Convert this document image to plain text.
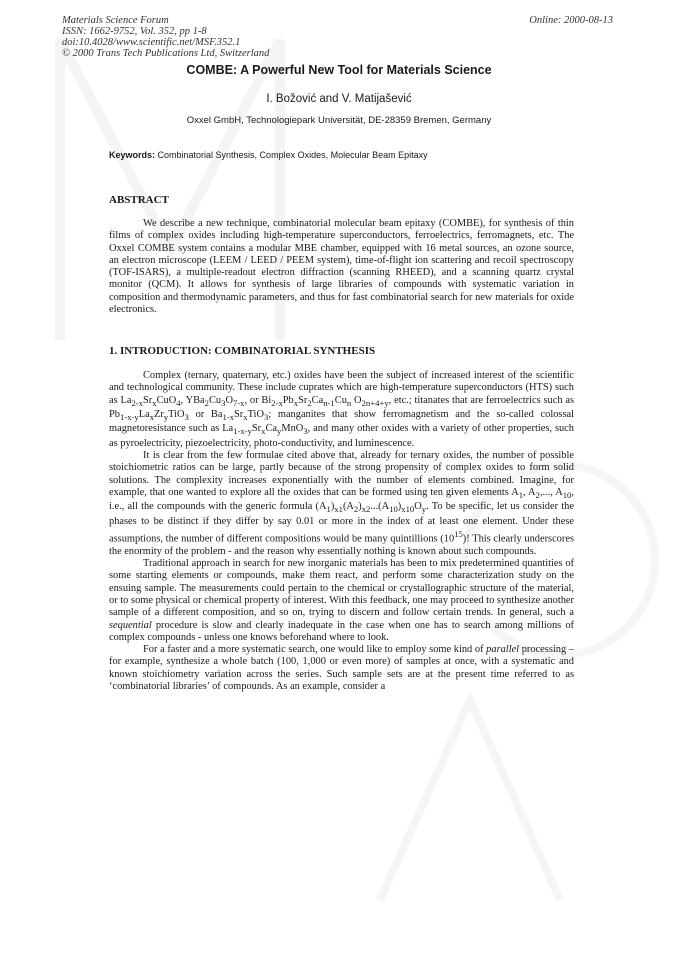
Materials Science Forum
ISSN: 1662-9752, Vol. 352, pp 1-8
doi:10.4028/www.scientific.net/MSF.352.1
© 2000 Trans Tech Publications Ltd, Switzerland
Online: 2000-08-13
COMBE: A Powerful New Tool for Materials Science
I. Božović and V. Matijašević
Oxxel GmbH, Technologiepark Universität, DE-28359 Bremen, Germany
Keywords: Combinatorial Synthesis, Complex Oxides, Molecular Beam Epitaxy
ABSTRACT

We describe a new technique, combinatorial molecular beam epitaxy (COMBE), for synthesis of thin films of complex oxides including high-temperature superconductors, ferroelectrics, ferromagnets, etc. The Oxxel COMBE system contains a modular MBE chamber, equipped with 16 metal sources, an ozone source, an electron microscope (LEEM / LEED / PEEM system), time-of-flight ion scattering and recoil spectroscopy (TOF-ISARS), a multiple-readout electron diffraction (scanning RHEED), and a scanning quartz crystal monitor (QCM). It allows for synthesis of large libraries of compounds with systematic variation in composition and thermodynamic parameters, and thus for fast combinatorial search for new materials for oxide electronics.

1. INTRODUCTION: COMBINATORIAL SYNTHESIS

Complex (ternary, quaternary, etc.) oxides have been the subject of increased interest of the scientific and technological community. These include cuprates which are high-temperature superconductors (HTS) such as $La_{2-x}Sr_xCuO_4$, $YBa_2Cu_3O_{7-x}$, or $Bi_{2-x}Pb_xSr_2Ca_{n-1}Cu_n$ $O_{2n+4+y}$, etc.; titanates that are ferroelectrics such as $Pb_{1-x-y}La_xZr_yTiO_3$ or $Ba_{1-x}Sr_xTiO_3$; manganites that show ferromagnetism and the so-called colossal magnetoresistance such as $La_{1-x-y}Sr_xCa_yMnO_3$, and many other oxides with a variety of other properties, such as pyroelectricity, piezoelectricity, photo-conductivity, and luminescence.

It is clear from the few formulae cited above that, already for ternary oxides, the number of possible stoichiometric ratios can be large, partly because of the strong propensity of complex oxides to form solid solutions. The complexity increases exponentially with the number of elements combined. Imagine, for example, that one wanted to explore all the oxides that can be formed using ten given elements $A_1$, $A_2$,..., $A_{10}$, i.e., all the compounds with the generic formula $(A_1)_{x1}(A_2)_{x2}...(A_{10})_{x10}O_y$. To be specific, let us consider the phases to be distinct if they differ by say 0.01 or more in the index of at least one element. Under these assumptions, the number of different compositions would be many quintillions $(10^{15})$! This clearly underscores the enormity of the problem - and the reason why essentially nothing is known about such compounds.

Traditional approach in search for new inorganic materials has been to mix predetermined quantities of some starting elements or compounds, make them react, and perform some characterization study on the ensuing sample. The measurements could pertain to the chemical or crystallographic structure of the material, or to some physical or chemical property of interest. With this feedback, one may proceed to synthesize another sample of a different composition, and so on, trying to discern and follow certain trends. In general, such a sequential procedure is slow and clearly inadequate in the case when one has to search among millions of complex compounds - unless one knows beforehand where to look.

For a faster and a more systematic search, one would like to employ some kind of parallel processing – for example, synthesize a whole batch (100, 1,000 or even more) of samples at once, with a systematic and known stoichiometry variation across the series. Such sample sets are at the present time referred to as ‘combinatorial libraries’ of compounds. As an example, consider a
